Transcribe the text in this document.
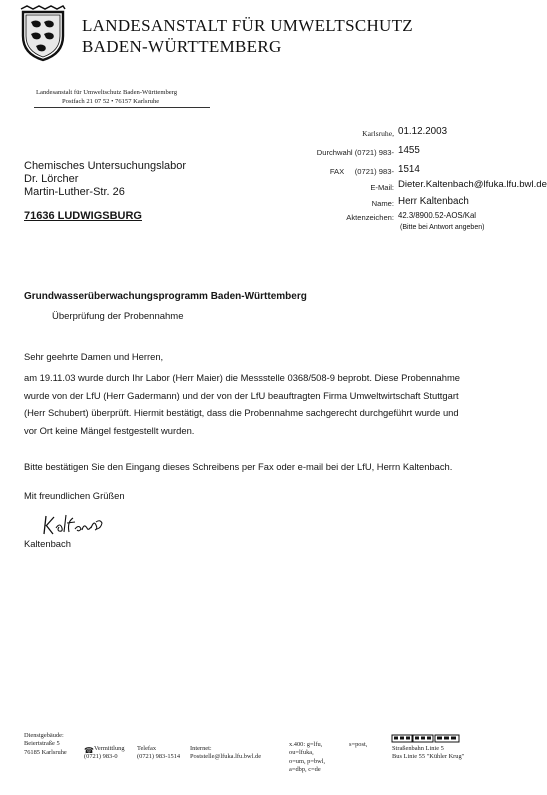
LANDESANSTALT FÜR UMWELTSCHUTZ
BADEN-WÜRTTEMBERG
Landesanstalt für Umweltschutz Baden-Württemberg
Postfach 21 07 52 • 76157 Karlsruhe
Karlsruhe, 01.12.2003
Durchwahl (0721) 983- 1455
FAX     (0721) 983- 1514
E-Mail: Dieter.Kaltenbach@lfuka.lfu.bwl.de
Name: Herr Kaltenbach
Aktenzeichen: 42.3/8900.52-AOS/Kal
(Bitte bei Antwort angeben)
Chemisches Untersuchungslabor
Dr. Lörcher
Martin-Luther-Str. 26
71636 LUDWIGSBURG
Grundwasserüberwachungsprogramm Baden-Württemberg
Überprüfung der Probennahme
Sehr geehrte Damen und Herren,
am 19.11.03 wurde durch Ihr Labor (Herr Maier) die Messstelle 0368/508-9 beprobt. Diese Probennahme
wurde von der LfU (Herr Gadermann) und der von der LfU beauftragten Firma Umweltwirtschaft Stuttgart
(Herr Schubert) überprüft. Hiermit bestätigt, dass die Probennahme sachgerecht durchgeführt wurde und
vor Ort keine Mängel festgestellt wurden.
Bitte bestätigen Sie den Eingang dieses Schreibens per Fax oder e-mail bei der LfU, Herrn Kaltenbach.
Mit freundlichen Grüßen
Kaltenbach
Dienstgebäude:
Beiertstraße 5
76185 Karlsruhe ☎ Vermittlung
(0721) 983-0
Telefax
(0721) 983-1514
Internet:
Poststelle@lfuka.lfu.bwl.de
x.400: g=lfu,
ou=lfuka,
o=um, p=bwl,
a=dbp, c=de
s=post,
Straßenbahn Linie 5
Bus Linie 55 "Kühler Krug"
